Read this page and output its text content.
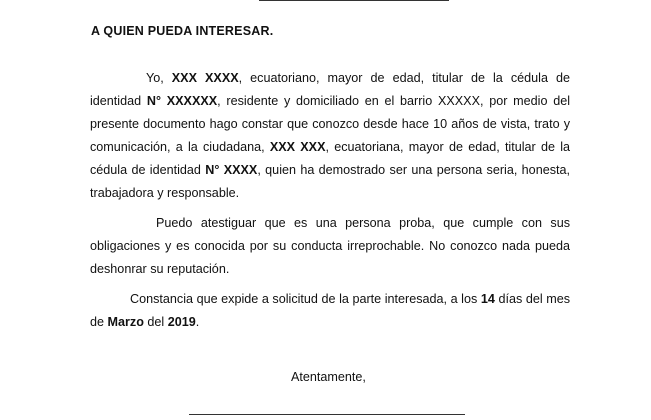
A QUIEN PUEDA INTERESAR.
Yo, XXX XXXX, ecuatoriano, mayor de edad, titular de la cédula de identidad N° XXXXXX, residente y domiciliado en el barrio XXXXX, por medio del presente documento hago constar que conozco desde hace 10 años de vista, trato y comunicación, a la ciudadana, XXX XXX, ecuatoriana, mayor de edad, titular de la cédula de identidad N° XXXX, quien ha demostrado ser una persona seria, honesta, trabajadora y responsable.
Puedo atestiguar que es una persona proba, que cumple con sus obligaciones y es conocida por su conducta irreprochable. No conozco nada pueda deshonrar su reputación.
Constancia que expide a solicitud de la parte interesada, a los 14 días del mes de Marzo del 2019.
Atentamente,
